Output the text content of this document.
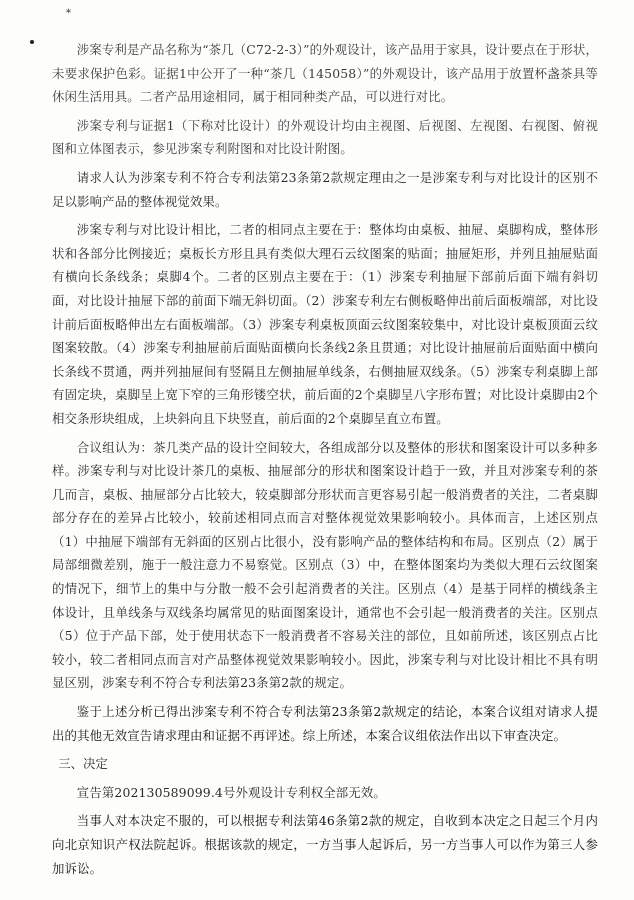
*

涉案专利是产品名称为“茶几（C72-2-3）”的外观设计，该产品用于家具，设计要点在于形状，未要求保护色彩。证据1中公开了一种“茶几（145058）”的外观设计，该产品用于放置杯盏茶具等休闲生活用具。二者产品用途相同，属于相同种类产品，可以进行对比。

涉案专利与证据1（下称对比设计）的外观设计均由主视图、后视图、左视图、右视图、俯视图和立体图表示，参见涉案专利附图和对比设计附图。

请求人认为涉案专利不符合专利法第23条第2款规定理由之一是涉案专利与对比设计的区别不足以影响产品的整体视觉效果。

涉案专利与对比设计相比，二者的相同点主要在于：整体均由桌板、抽屉、桌脚构成，整体形状和各部分比例接近；桌板长方形且具有类似大理石云纹图案的贴面；抽屉矩形，并列且抽屉贴面有横向长条线条；桌脚4个。二者的区别点主要在于：（1）涉案专利抽屉下部前后面下端有斜切面，对比设计抽屉下部的前面下端无斜切面。（2）涉案专利左右侧板略伸出前后面板端部，对比设计前后面板略伸出左右面板端部。（3）涉案专利桌板顶面云纹图案较集中，对比设计桌板顶面云纹图案较散。（4）涉案专利抽屉前后面贴面横向长条线2条且贯通；对比设计抽屉前后面贴面中横向长条线不贯通，两并列抽屉间有竖隔且左侧抽屉单线条，右侧抽屉双线条。（5）涉案专利桌脚上部有固定块，桌脚呈上宽下窄的三角形镂空状，前后面的2个桌脚呈八字形布置；对比设计桌脚由2个相交条形块组成，上块斜向且下块竖直，前后面的2个桌脚呈直立布置。

合议组认为：茶几类产品的设计空间较大，各组成部分以及整体的形状和图案设计可以多种多样。涉案专利与对比设计茶几的桌板、抽屉部分的形状和图案设计趋于一致，并且对涉案专利的茶几而言，桌板、抽屉部分占比较大，较桌脚部分形状而言更容易引起一般消费者的关注，二者桌脚部分存在的差异占比较小，较前述相同点而言对整体视觉效果影响较小。具体而言，上述区别点（1）中抽屉下端部有无斜面的区别占比很小，没有影响产品的整体结构和布局。区别点（2）属于局部细微差别，施于一般注意力不易察觉。区别点（3）中，在整体图案均为类似大理石云纹图案的情况下，细节上的集中与分散一般不会引起消费者的关注。区别点（4）是基于同样的横线条主体设计，且单线条与双线条均属常见的贴面图案设计，通常也不会引起一般消费者的关注。区别点（5）位于产品下部，处于使用状态下一般消费者不容易关注的部位，且如前所述，该区别点占比较小，较二者相同点而言对产品整体视觉效果影响较小。因此，涉案专利与对比设计相比不具有明显区别，涉案专利不符合专利法第23条第2款的规定。

鉴于上述分析已得出涉案专利不符合专利法第23条第2款规定的结论，本案合议组对请求人提出的其他无效宣告请求理由和证据不再评述。综上所述，本案合议组依法作出以下审查决定。

三、决定

宣告第202130589099.4号外观设计专利权全部无效。

当事人对本决定不服的，可以根据专利法第46条第2款的规定，自收到本决定之日起三个月内向北京知识产权法院起诉。根据该款的规定，一方当事人起诉后，另一方当事人可以作为第三人参加诉讼。
